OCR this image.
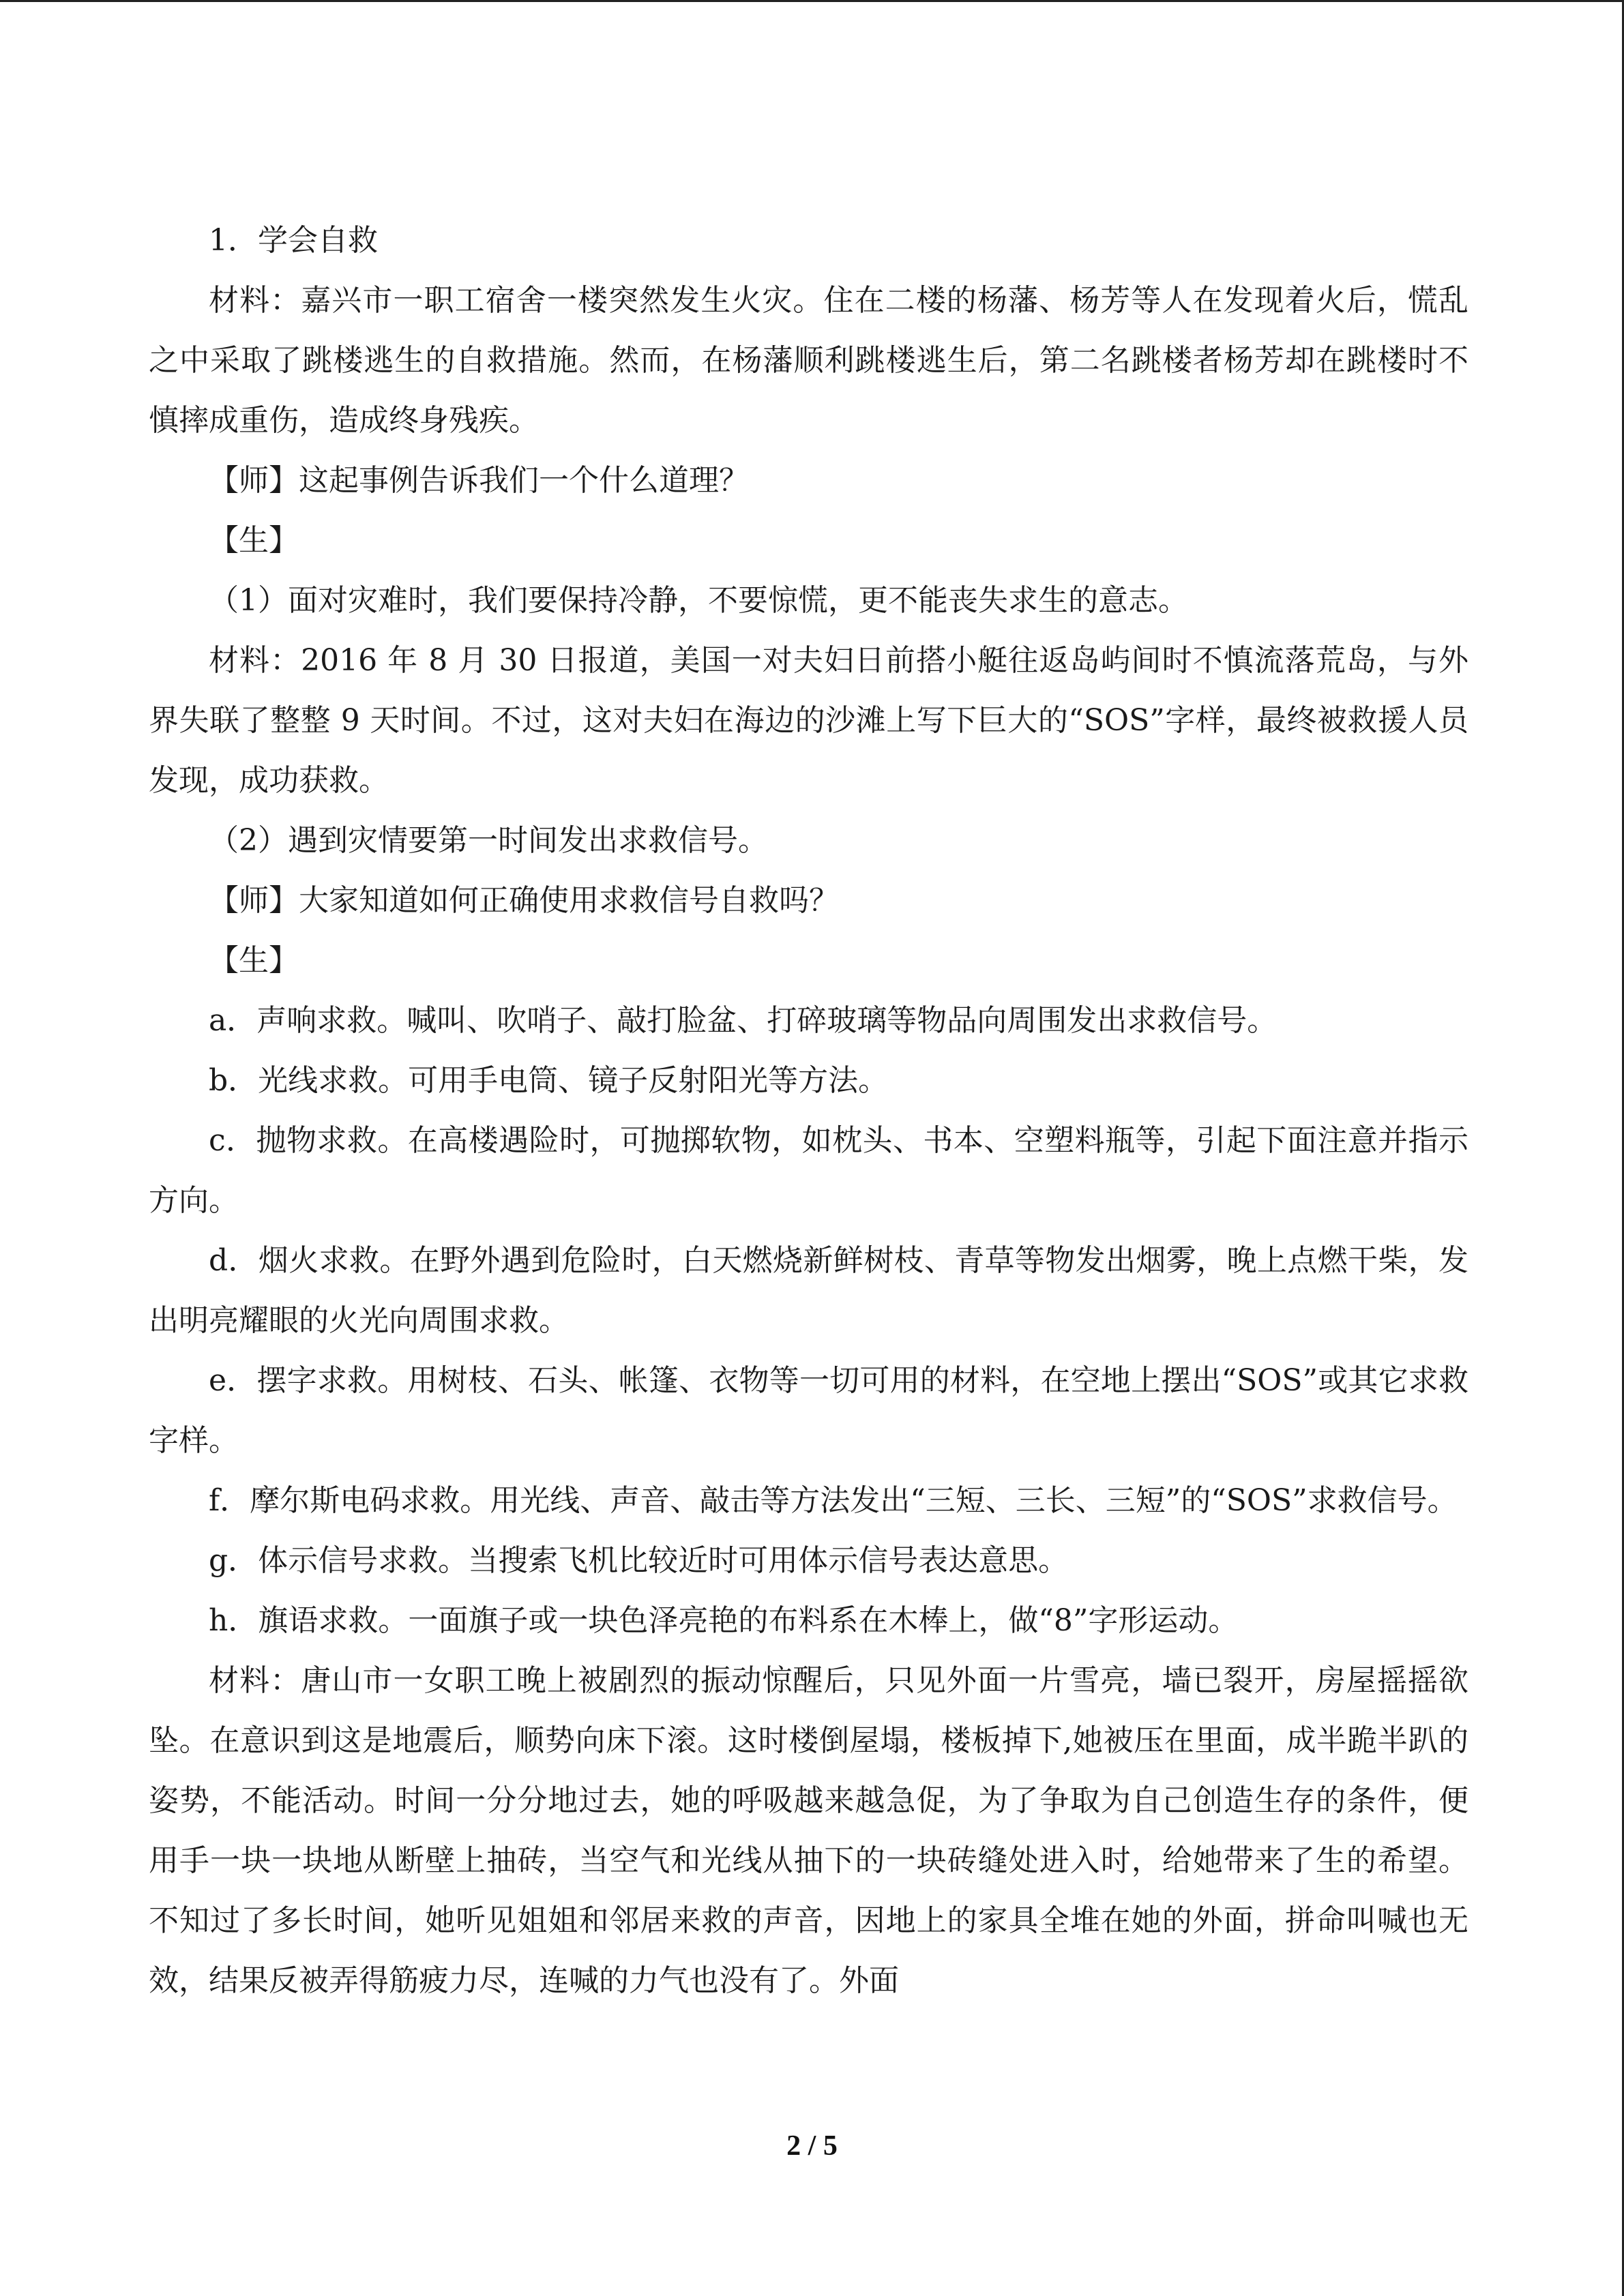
1．学会自救

材料：嘉兴市一职工宿舍一楼突然发生火灾。住在二楼的杨藩、杨芳等人在发现着火后，慌乱之中采取了跳楼逃生的自救措施。然而，在杨藩顺利跳楼逃生后，第二名跳楼者杨芳却在跳楼时不慎摔成重伤，造成终身残疾。

【师】这起事例告诉我们一个什么道理？

【生】

（1）面对灾难时，我们要保持冷静，不要惊慌，更不能丧失求生的意志。

材料：2016 年 8 月 30 日报道，美国一对夫妇日前搭小艇往返岛屿间时不慎流落荒岛，与外界失联了整整 9 天时间。不过，这对夫妇在海边的沙滩上写下巨大的“SOS”字样，最终被救援人员发现，成功获救。

（2）遇到灾情要第一时间发出求救信号。

【师】大家知道如何正确使用求救信号自救吗？

【生】

a．声响求救。喊叫、吹哨子、敲打脸盆、打碎玻璃等物品向周围发出求救信号。

b．光线求救。可用手电筒、镜子反射阳光等方法。

c．抛物求救。在高楼遇险时，可抛掷软物，如枕头、书本、空塑料瓶等，引起下面注意并指示方向。

d．烟火求救。在野外遇到危险时，白天燃烧新鲜树枝、青草等物发出烟雾，晚上点燃干柴，发出明亮耀眼的火光向周围求救。

e．摆字求救。用树枝、石头、帐篷、衣物等一切可用的材料，在空地上摆出“SOS”或其它求救字样。

f．摩尔斯电码求救。用光线、声音、敲击等方法发出“三短、三长、三短”的“SOS”求救信号。

g．体示信号求救。当搜索飞机比较近时可用体示信号表达意思。

h．旗语求救。一面旗子或一块色泽亮艳的布料系在木棒上，做“8”字形运动。

材料：唐山市一女职工晚上被剧烈的振动惊醒后，只见外面一片雪亮，墙已裂开，房屋摇摇欲坠。在意识到这是地震后，顺势向床下滚。这时楼倒屋塌，楼板掉下,她被压在里面，成半跪半趴的姿势，不能活动。时间一分分地过去，她的呼吸越来越急促，为了争取为自己创造生存的条件，便用手一块一块地从断壁上抽砖，当空气和光线从抽下的一块砖缝处进入时，给她带来了生的希望。不知过了多长时间，她听见姐姐和邻居来救的声音，因地上的家具全堆在她的外面，拼命叫喊也无效，结果反被弄得筋疲力尽，连喊的力气也没有了。外面

2 / 5
